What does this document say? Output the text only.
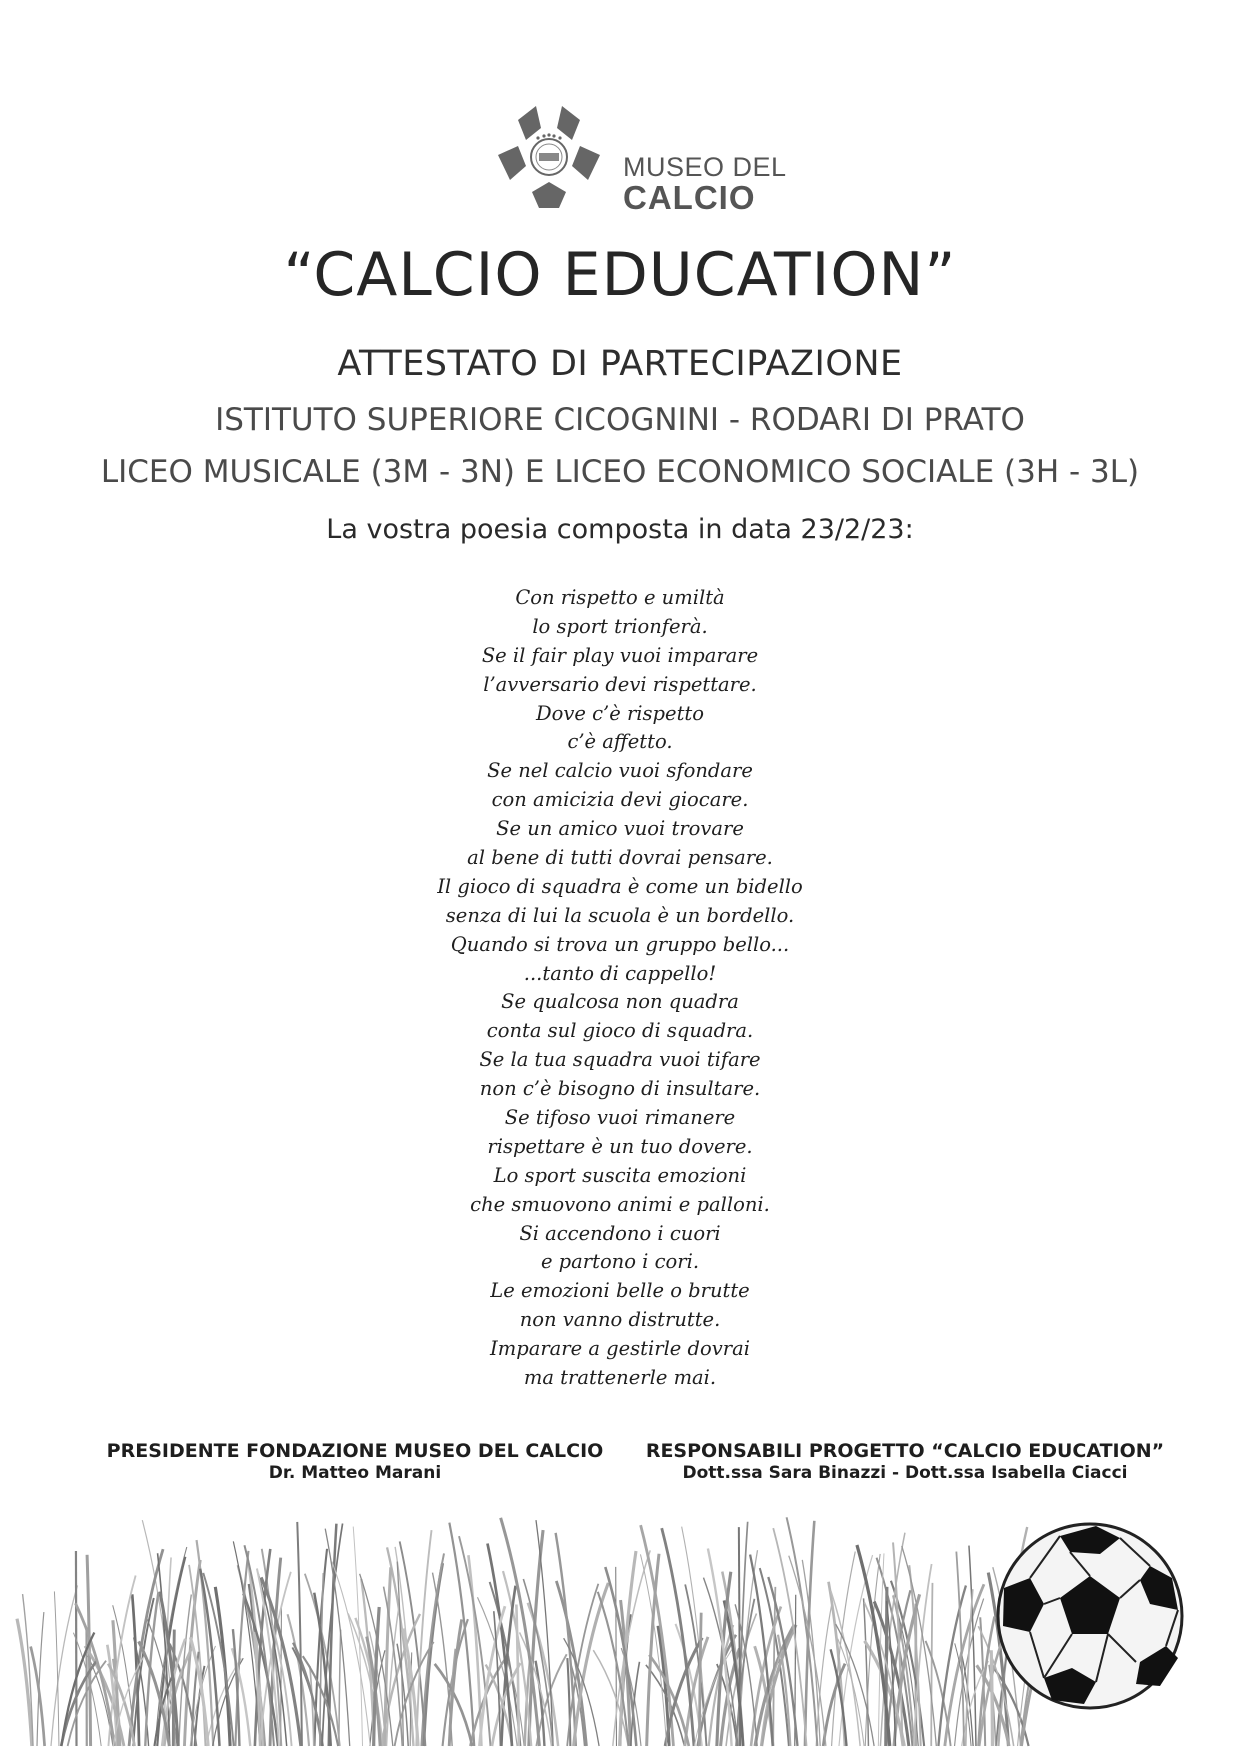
MUSEO DEL
CALCIO
“CALCIO EDUCATION”
ATTESTATO DI PARTECIPAZIONE
ISTITUTO SUPERIORE CICOGNINI - RODARI DI PRATO
LICEO MUSICALE (3M - 3N) E LICEO ECONOMICO SOCIALE (3H - 3L)
La vostra poesia composta in data 23/2/23:
Con rispetto e umiltà
lo sport trionferà.
Se il fair play vuoi imparare
l’avversario devi rispettare.
Dove c’è rispetto
c’è affetto.
Se nel calcio vuoi sfondare
con amicizia devi giocare.
Se un amico vuoi trovare
al bene di tutti dovrai pensare.
Il gioco di squadra è come un bidello
senza di lui la scuola è un bordello.
Quando si trova un gruppo bello...
...tanto di cappello!
Se qualcosa non quadra
conta sul gioco di squadra.
Se la tua squadra vuoi tifare
non c’è bisogno di insultare.
Se tifoso vuoi rimanere
rispettare è un tuo dovere.
Lo sport suscita emozioni
che smuovono animi e palloni.
Si accendono i cuori
e partono i cori.
Le emozioni belle o brutte
non vanno distrutte.
Imparare a gestirle dovrai
ma trattenerle mai.
PRESIDENTE FONDAZIONE MUSEO DEL CALCIO
Dr. Matteo Marani
RESPONSABILI PROGETTO “CALCIO EDUCATION”
Dott.ssa Sara Binazzi - Dott.ssa Isabella Ciacci
